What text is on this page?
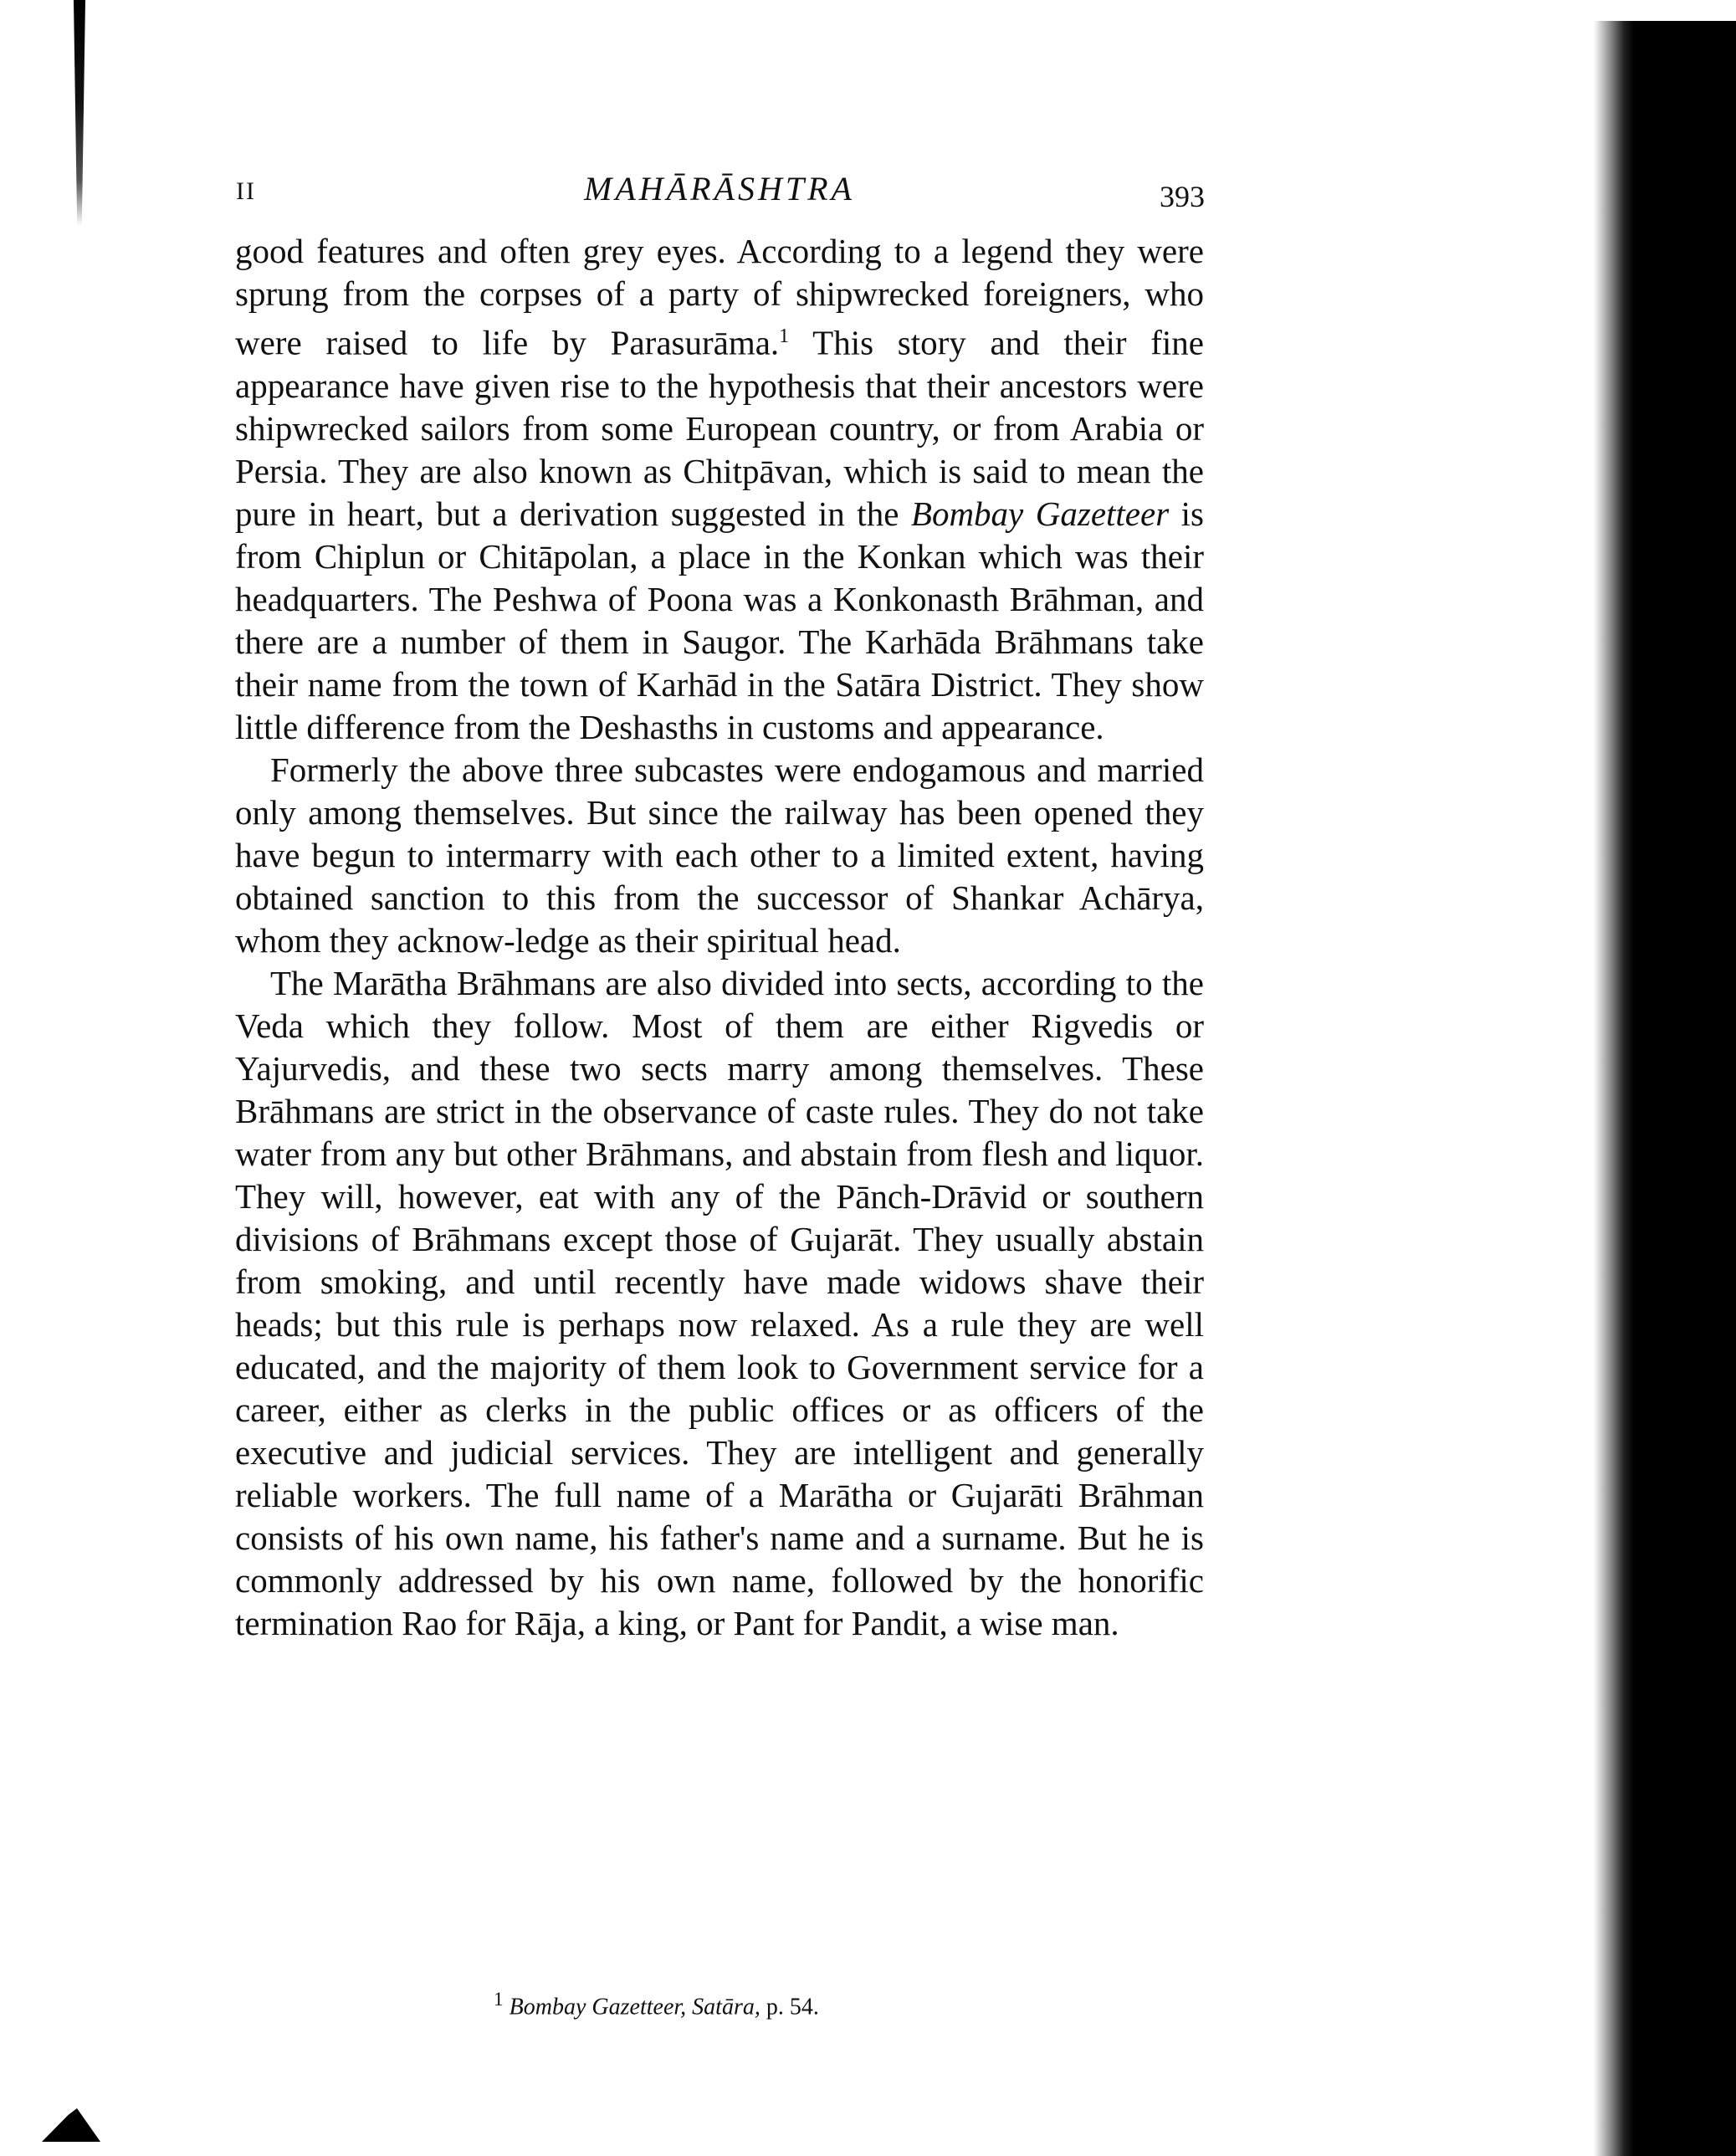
II	MAHĀRĀSHTRA	393

good features and often grey eyes. According to a legend they were sprung from the corpses of a party of shipwrecked foreigners, who were raised to life by Parasurāma.$^1$ This story and their fine appearance have given rise to the hypothesis that their ancestors were shipwrecked sailors from some European country, or from Arabia or Persia. They are also known as Chitpāvan, which is said to mean the pure in heart, but a derivation suggested in the Bombay Gazetteer is from Chiplun or Chitāpolan, a place in the Konkan which was their headquarters. The Peshwa of Poona was a Konkonasth Brāhman, and there are a number of them in Saugor. The Karhāda Brāhmans take their name from the town of Karhād in the Satāra District. They show little difference from the Deshasths in customs and appearance.

Formerly the above three subcastes were endogamous and married only among themselves. But since the railway has been opened they have begun to intermarry with each other to a limited extent, having obtained sanction to this from the successor of Shankar Achārya, whom they acknow-ledge as their spiritual head.

The Marātha Brāhmans are also divided into sects, according to the Veda which they follow. Most of them are either Rigvedis or Yajurvedis, and these two sects marry among themselves. These Brāhmans are strict in the observance of caste rules. They do not take water from any but other Brāhmans, and abstain from flesh and liquor. They will, however, eat with any of the Pānch-Drāvid or southern divisions of Brāhmans except those of Gujarāt. They usually abstain from smoking, and until recently have made widows shave their heads; but this rule is perhaps now relaxed. As a rule they are well educated, and the majority of them look to Government service for a career, either as clerks in the public offices or as officers of the executive and judicial services. They are intelligent and generally reliable workers. The full name of a Marātha or Gujarāti Brāhman consists of his own name, his father's name and a surname. But he is commonly addressed by his own name, followed by the honorific termination Rao for Rāja, a king, or Pant for Pandit, a wise man.

$^1$ Bombay Gazetteer, Satāra, p. 54.
